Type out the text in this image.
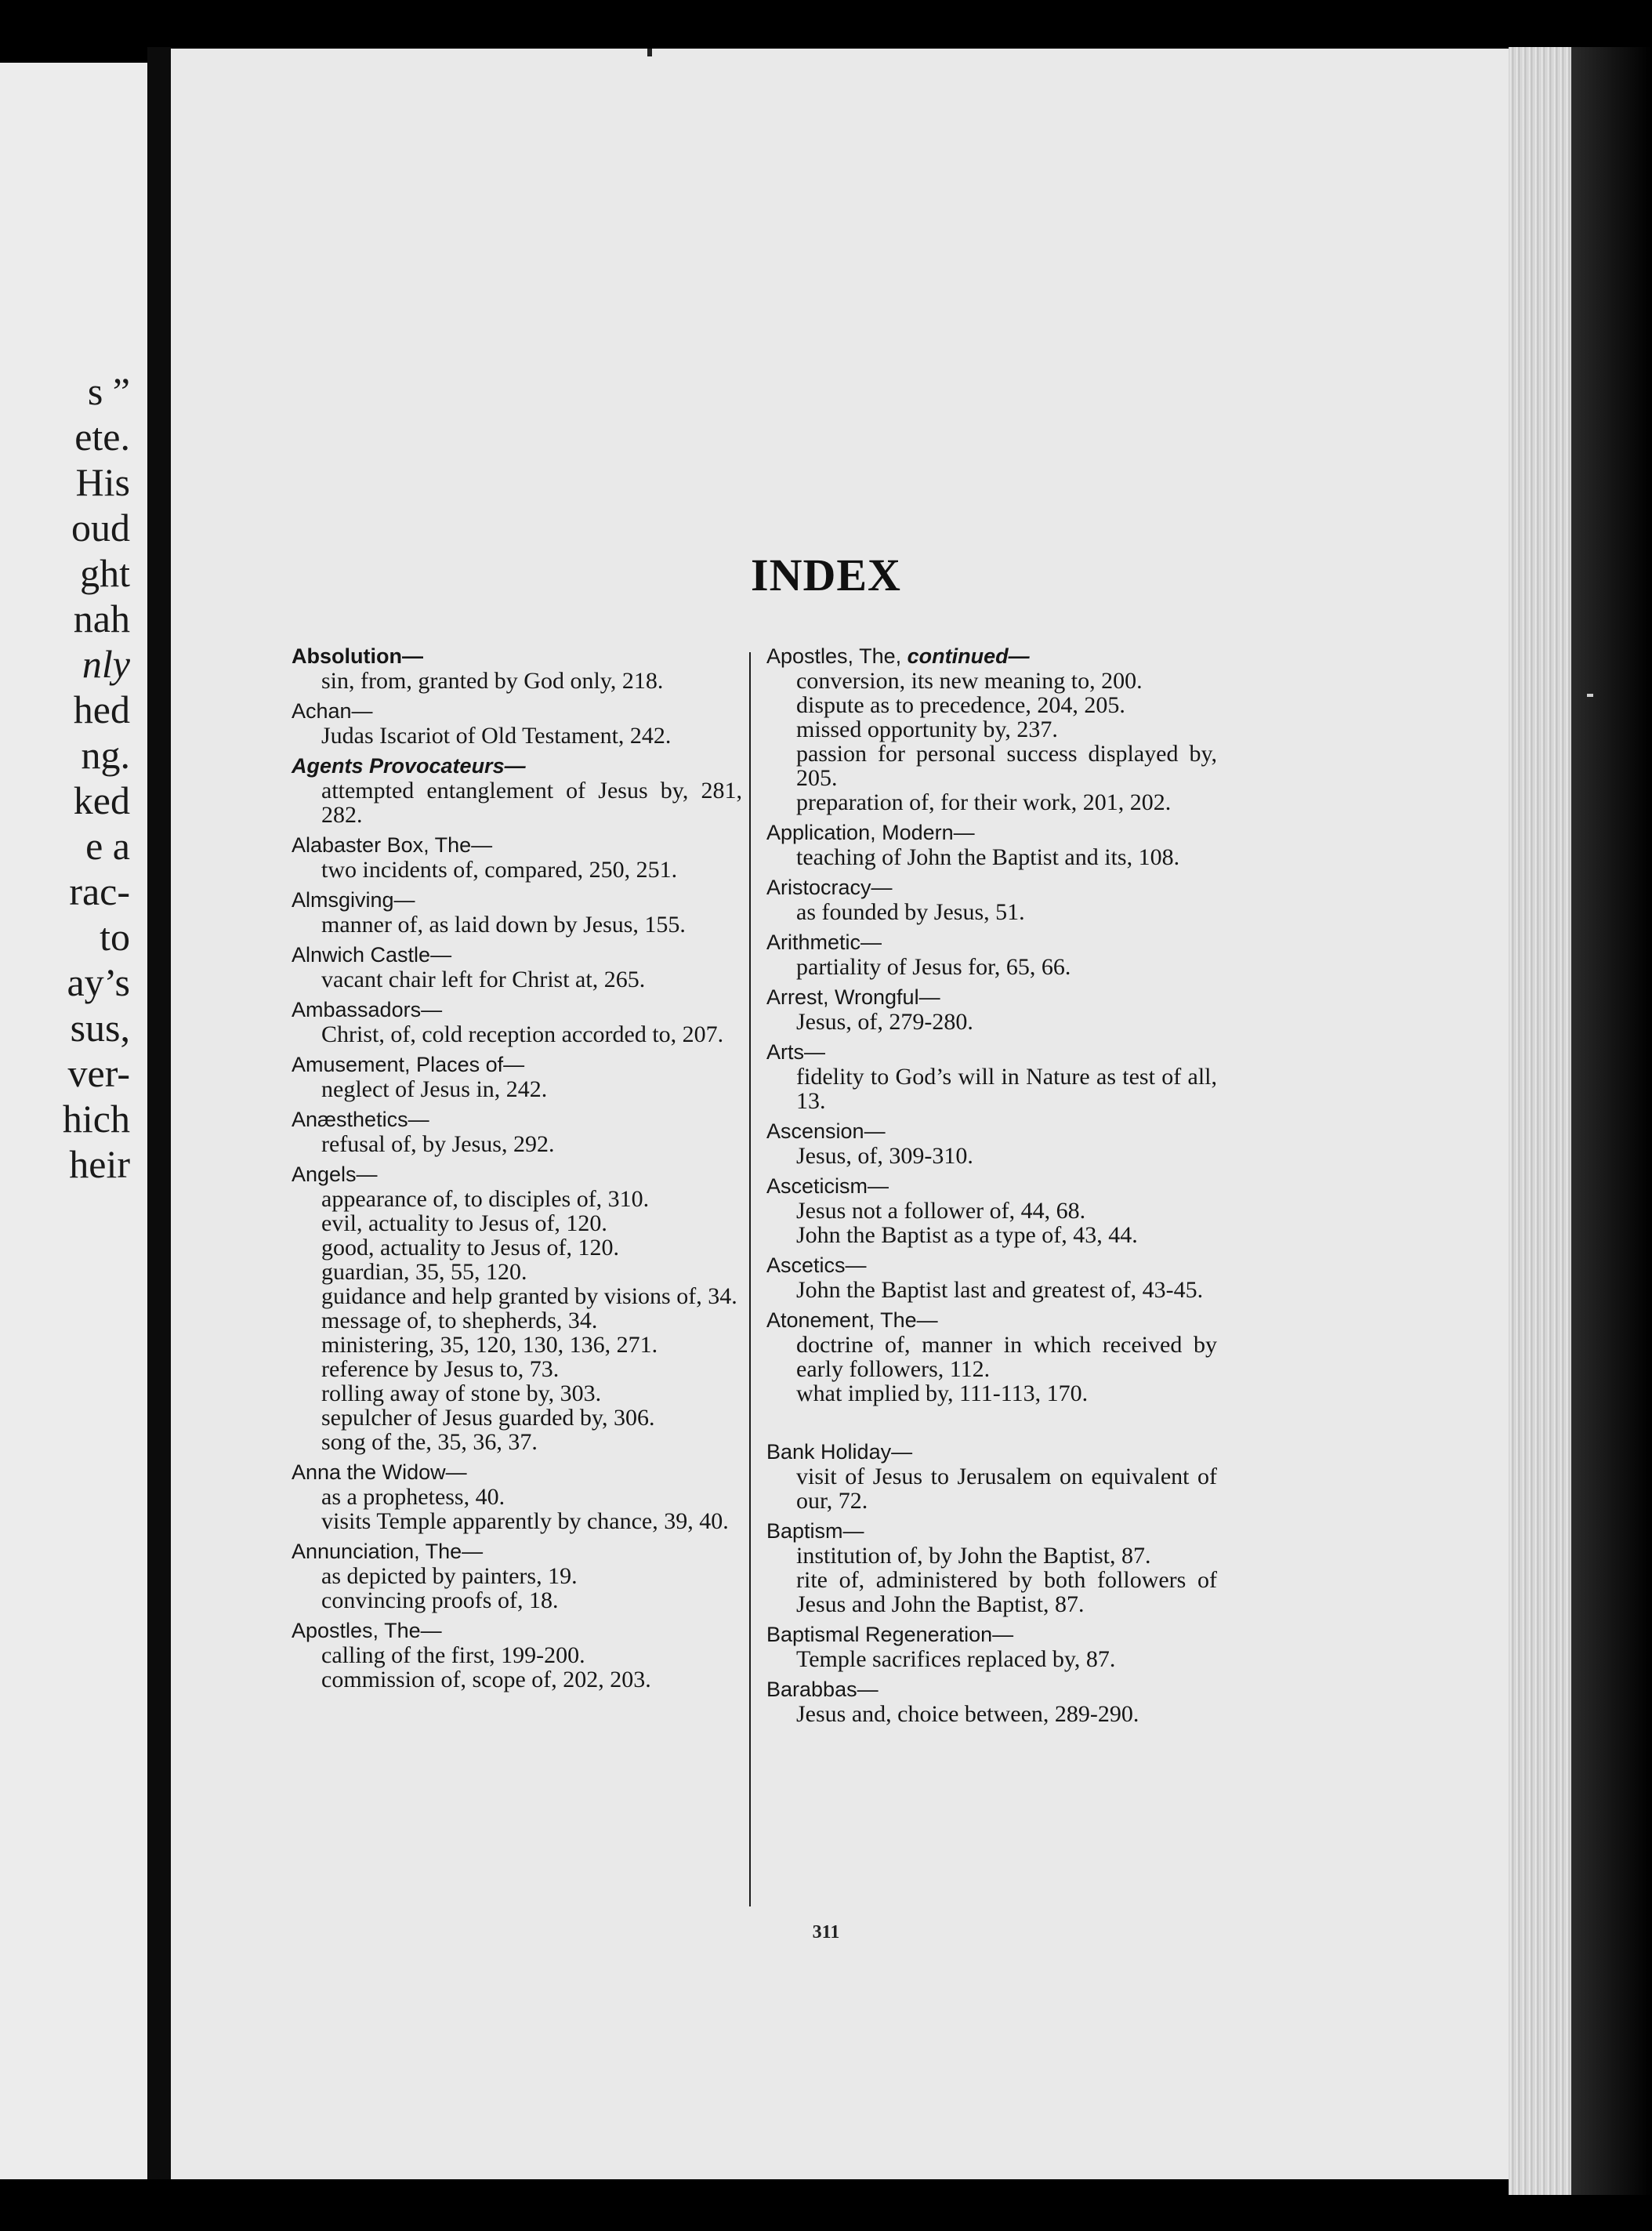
s ”
ete.
His
oud
ght
nah
nly
hed
ng.
ked
e a
rac-
to
ay’s
sus,
ver-
hich
heir
INDEX
Absolution—
sin, from, granted by God only, 218.
Achan—
Judas Iscariot of Old Testament, 242.
Agents Provocateurs—
attempted entanglement of Jesus by, 281, 282.
Alabaster Box, The—
two incidents of, compared, 250, 251.
Almsgiving—
manner of, as laid down by Jesus, 155.
Alnwich Castle—
vacant chair left for Christ at, 265.
Ambassadors—
Christ, of, cold reception accorded to, 207.
Amusement, Places of—
neglect of Jesus in, 242.
Anæsthetics—
refusal of, by Jesus, 292.
Angels—
appearance of, to disciples of, 310.
evil, actuality to Jesus of, 120.
good, actuality to Jesus of, 120.
guardian, 35, 55, 120.
guidance and help granted by visions of, 34.
message of, to shepherds, 34.
ministering, 35, 120, 130, 136, 271.
reference by Jesus to, 73.
rolling away of stone by, 303.
sepulcher of Jesus guarded by, 306.
song of the, 35, 36, 37.
Anna the Widow—
as a prophetess, 40.
visits Temple apparently by chance, 39, 40.
Annunciation, The—
as depicted by painters, 19.
convincing proofs of, 18.
Apostles, The—
calling of the first, 199-200.
commission of, scope of, 202, 203.
Apostles, The, continued—
conversion, its new meaning to, 200.
dispute as to precedence, 204, 205.
missed opportunity by, 237.
passion for personal success displayed by, 205.
preparation of, for their work, 201, 202.
Application, Modern—
teaching of John the Baptist and its, 108.
Aristocracy—
as founded by Jesus, 51.
Arithmetic—
partiality of Jesus for, 65, 66.
Arrest, Wrongful—
Jesus, of, 279-280.
Arts—
fidelity to God’s will in Nature as test of all, 13.
Ascension—
Jesus, of, 309-310.
Asceticism—
Jesus not a follower of, 44, 68.
John the Baptist as a type of, 43, 44.
Ascetics—
John the Baptist last and greatest of, 43-45.
Atonement, The—
doctrine of, manner in which received by early followers, 112.
what implied by, 111-113, 170.
Bank Holiday—
visit of Jesus to Jerusalem on equivalent of our, 72.
Baptism—
institution of, by John the Baptist, 87.
rite of, administered by both followers of Jesus and John the Baptist, 87.
Baptismal Regeneration—
Temple sacrifices replaced by, 87.
Barabbas—
Jesus and, choice between, 289-290.
311
